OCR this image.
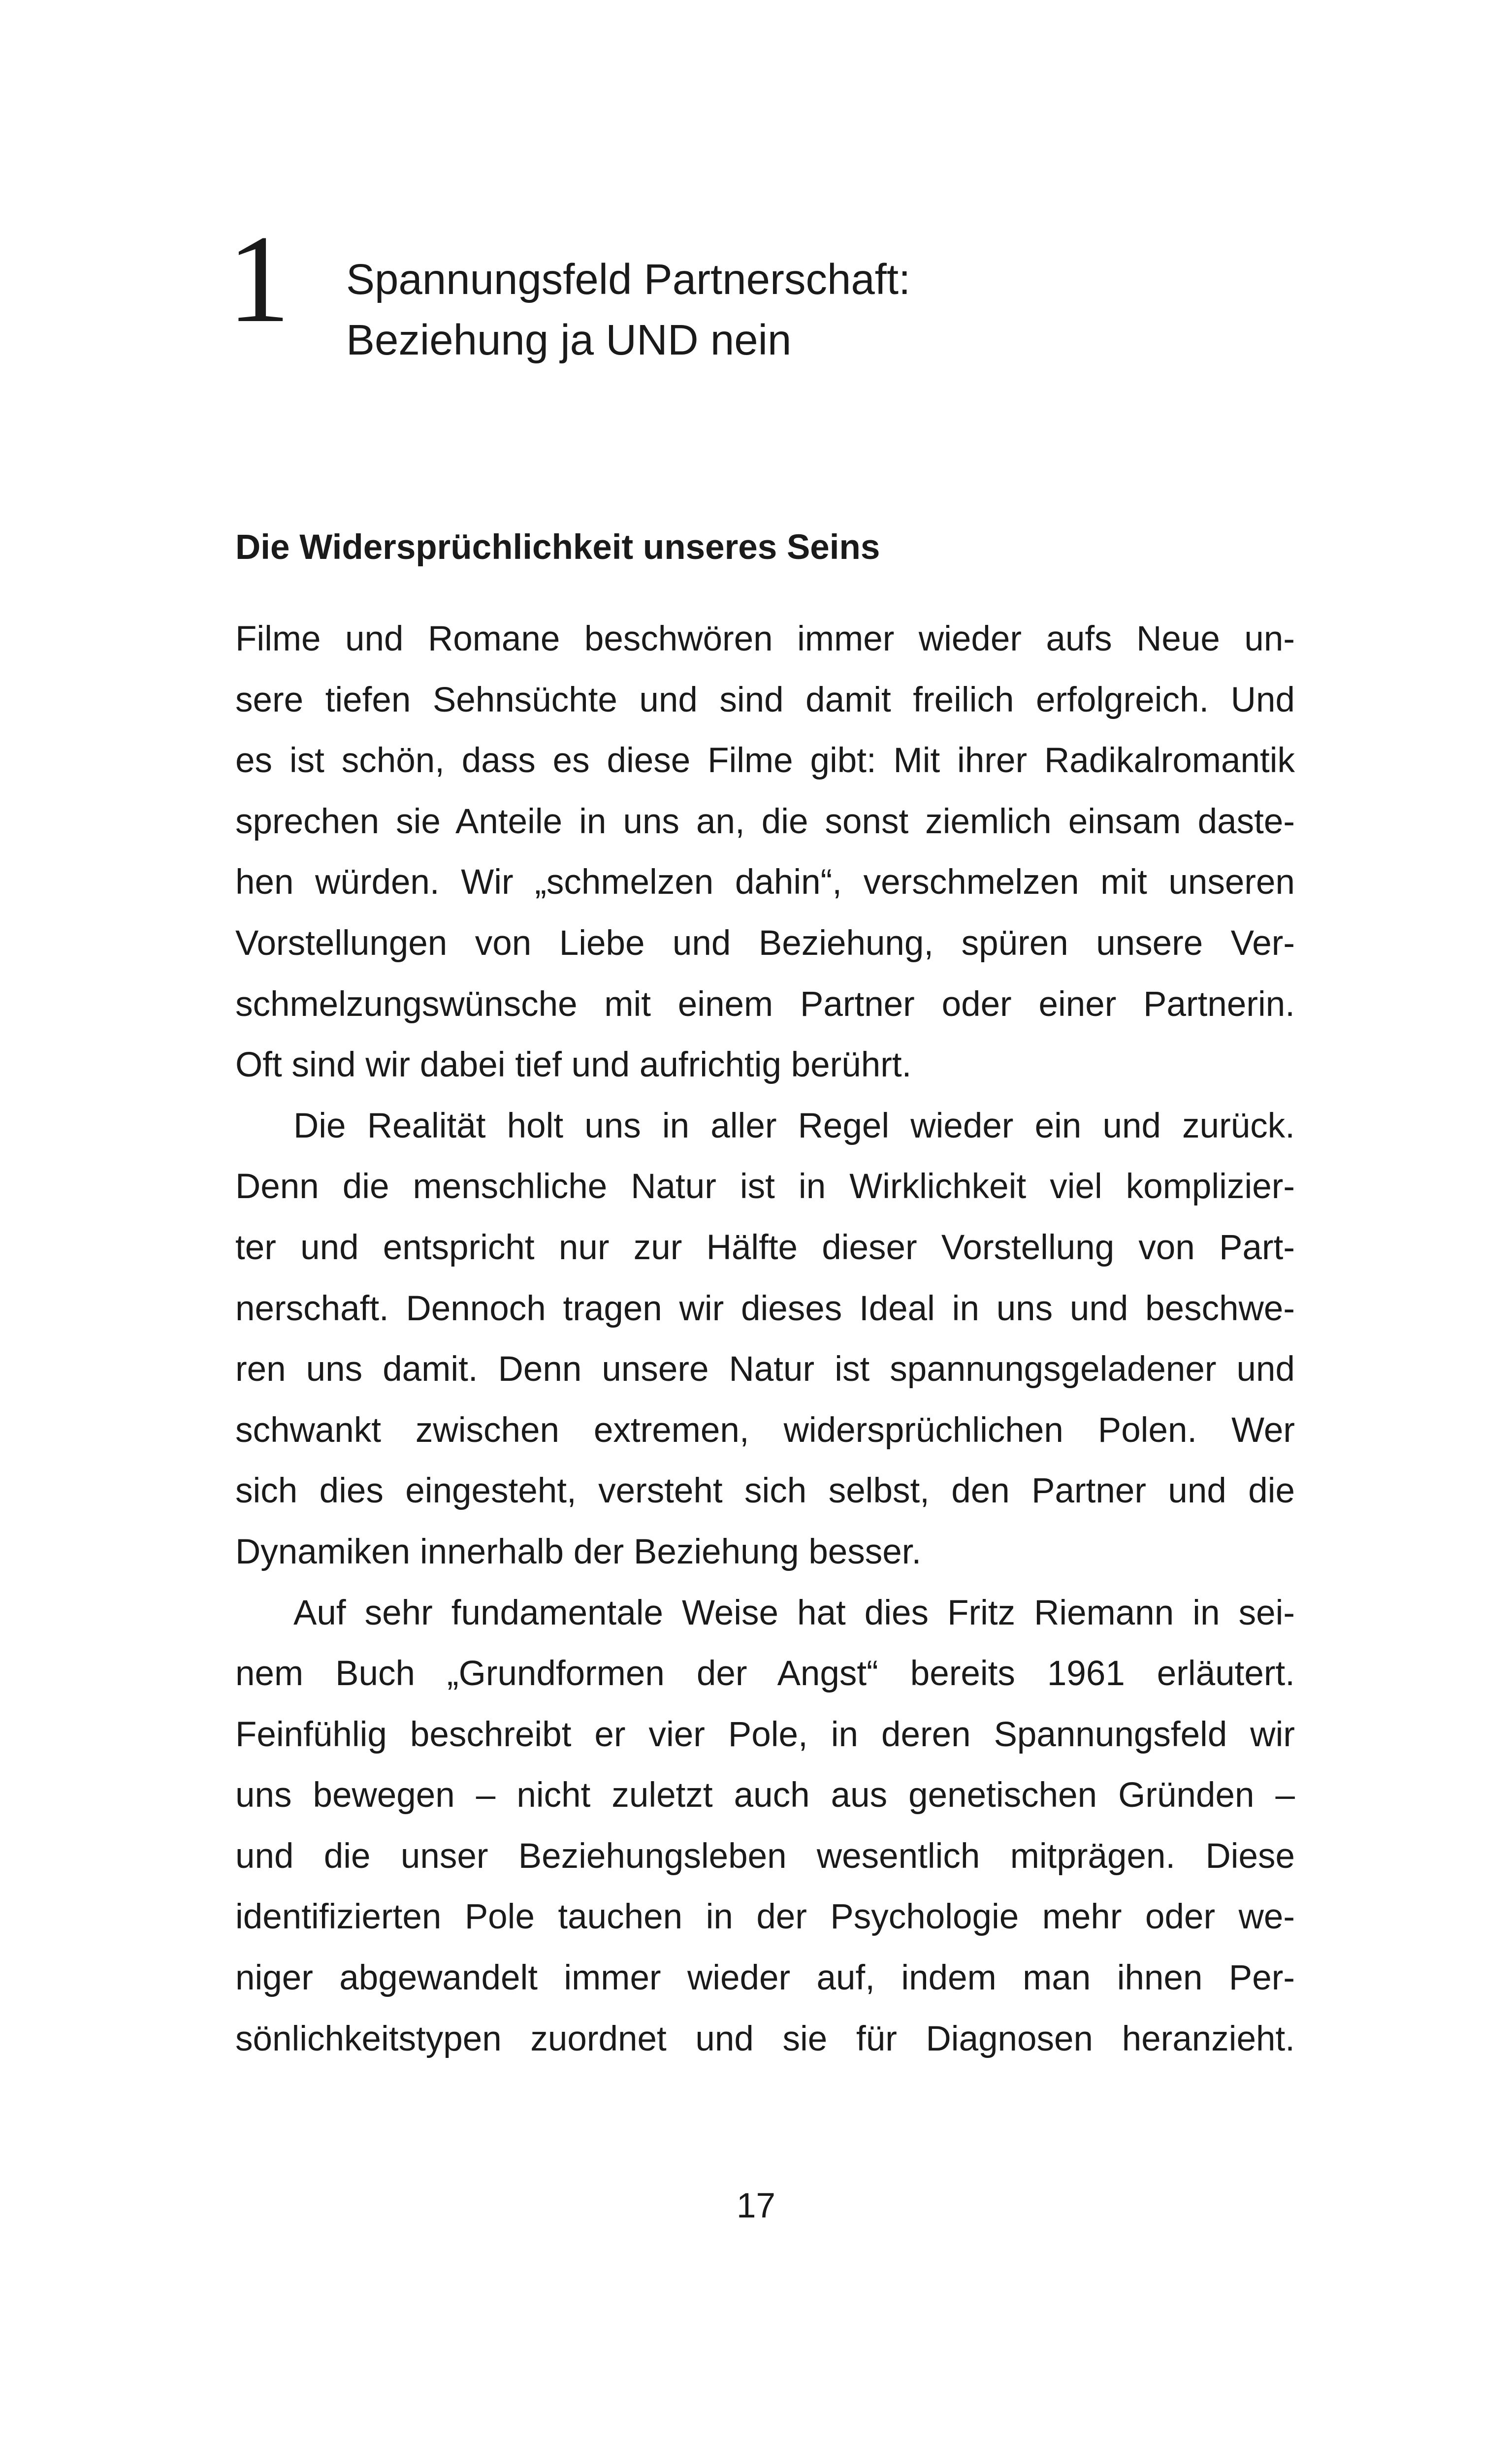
1 Spannungsfeld Partnerschaft:
Beziehung ja UND nein
Die Widersprüchlichkeit unseres Seins
Filme und Romane beschwören immer wieder aufs Neue un-
sere tiefen Sehnsüchte und sind damit freilich erfolgreich. Und
es ist schön, dass es diese Filme gibt: Mit ihrer Radikalromantik
sprechen sie Anteile in uns an, die sonst ziemlich einsam daste-
hen würden. Wir „schmelzen dahin“, verschmelzen mit unseren
Vorstellungen von Liebe und Beziehung, spüren unsere Ver-
schmelzungswünsche mit einem Partner oder einer Partnerin.
Oft sind wir dabei tief und aufrichtig berührt.
Die Realität holt uns in aller Regel wieder ein und zurück.
Denn die menschliche Natur ist in Wirklichkeit viel komplizier-
ter und entspricht nur zur Hälfte dieser Vorstellung von Part-
nerschaft. Dennoch tragen wir dieses Ideal in uns und beschwe-
ren uns damit. Denn unsere Natur ist spannungsgeladener und
schwankt zwischen extremen, widersprüchlichen Polen. Wer
sich dies eingesteht, versteht sich selbst, den Partner und die
Dynamiken innerhalb der Beziehung besser.
Auf sehr fundamentale Weise hat dies Fritz Riemann in sei-
nem Buch „Grundformen der Angst“ bereits 1961 erläutert.
Feinfühlig beschreibt er vier Pole, in deren Spannungsfeld wir
uns bewegen – nicht zuletzt auch aus genetischen Gründen –
und die unser Beziehungsleben wesentlich mitprägen. Diese
identifizierten Pole tauchen in der Psychologie mehr oder we-
niger abgewandelt immer wieder auf, indem man ihnen Per-
sönlichkeitstypen zuordnet und sie für Diagnosen heranzieht.
17
